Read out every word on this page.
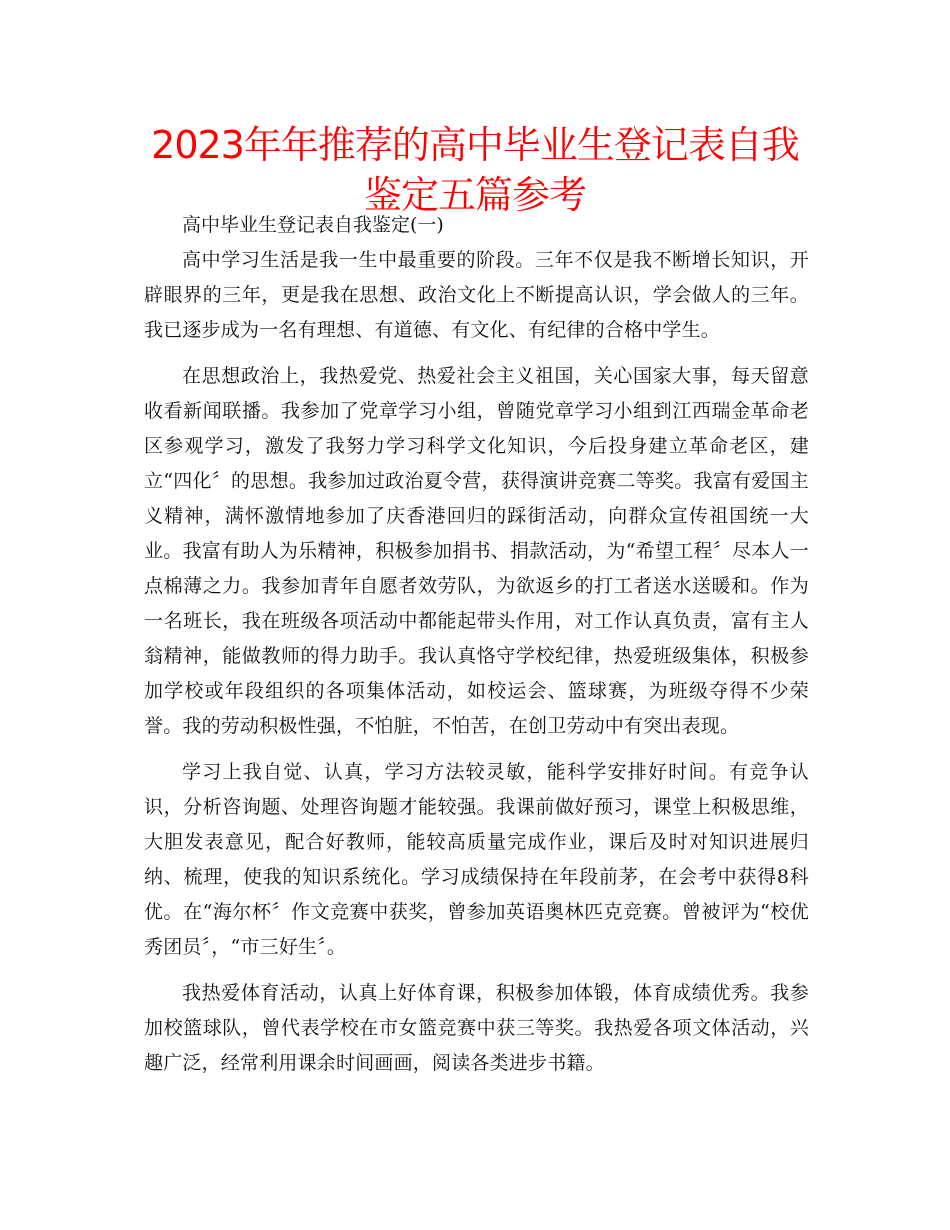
2023年年推荐的高中毕业生登记表自我鉴定五篇参考

高中毕业生登记表自我鉴定(一)

高中学习生活是我一生中最重要的阶段。三年不仅是我不断增长知识，开辟眼界的三年，更是我在思想、政治文化上不断提高认识，学会做人的三年。我已逐步成为一名有理想、有道德、有文化、有纪律的合格中学生。

在思想政治上，我热爱党、热爱社会主义祖国，关心国家大事，每天留意收看新闻联播。我参加了党章学习小组，曾随党章学习小组到江西瑞金革命老区参观学习，激发了我努力学习科学文化知识，今后投身建立革命老区，建立“四化〞的思想。我参加过政治夏令营，获得演讲竞赛二等奖。我富有爱国主义精神，满怀激情地参加了庆香港回归的踩街活动，向群众宣传祖国统一大业。我富有助人为乐精神，积极参加捐书、捐款活动，为“希望工程〞尽本人一点棉薄之力。我参加青年自愿者效劳队，为欲返乡的打工者送水送暖和。作为一名班长，我在班级各项活动中都能起带头作用，对工作认真负责，富有主人翁精神，能做教师的得力助手。我认真恪守学校纪律，热爱班级集体，积极参加学校或年段组织的各项集体活动，如校运会、篮球赛，为班级夺得不少荣誉。我的劳动积极性强，不怕脏，不怕苦，在创卫劳动中有突出表现。

学习上我自觉、认真，学习方法较灵敏，能科学安排好时间。有竞争认识，分析咨询题、处理咨询题才能较强。我课前做好预习，课堂上积极思维，大胆发表意见，配合好教师，能较高质量完成作业，课后及时对知识进展归纳、梳理，使我的知识系统化。学习成绩保持在年段前茅，在会考中获得8科优。在“海尔杯〞作文竞赛中获奖，曾参加英语奥林匹克竞赛。曾被评为“校优秀团员〞，“市三好生〞。

我热爱体育活动，认真上好体育课，积极参加体锻，体育成绩优秀。我参加校篮球队，曾代表学校在市女篮竞赛中获三等奖。我热爱各项文体活动，兴趣广泛，经常利用课余时间画画，阅读各类进步书籍。
